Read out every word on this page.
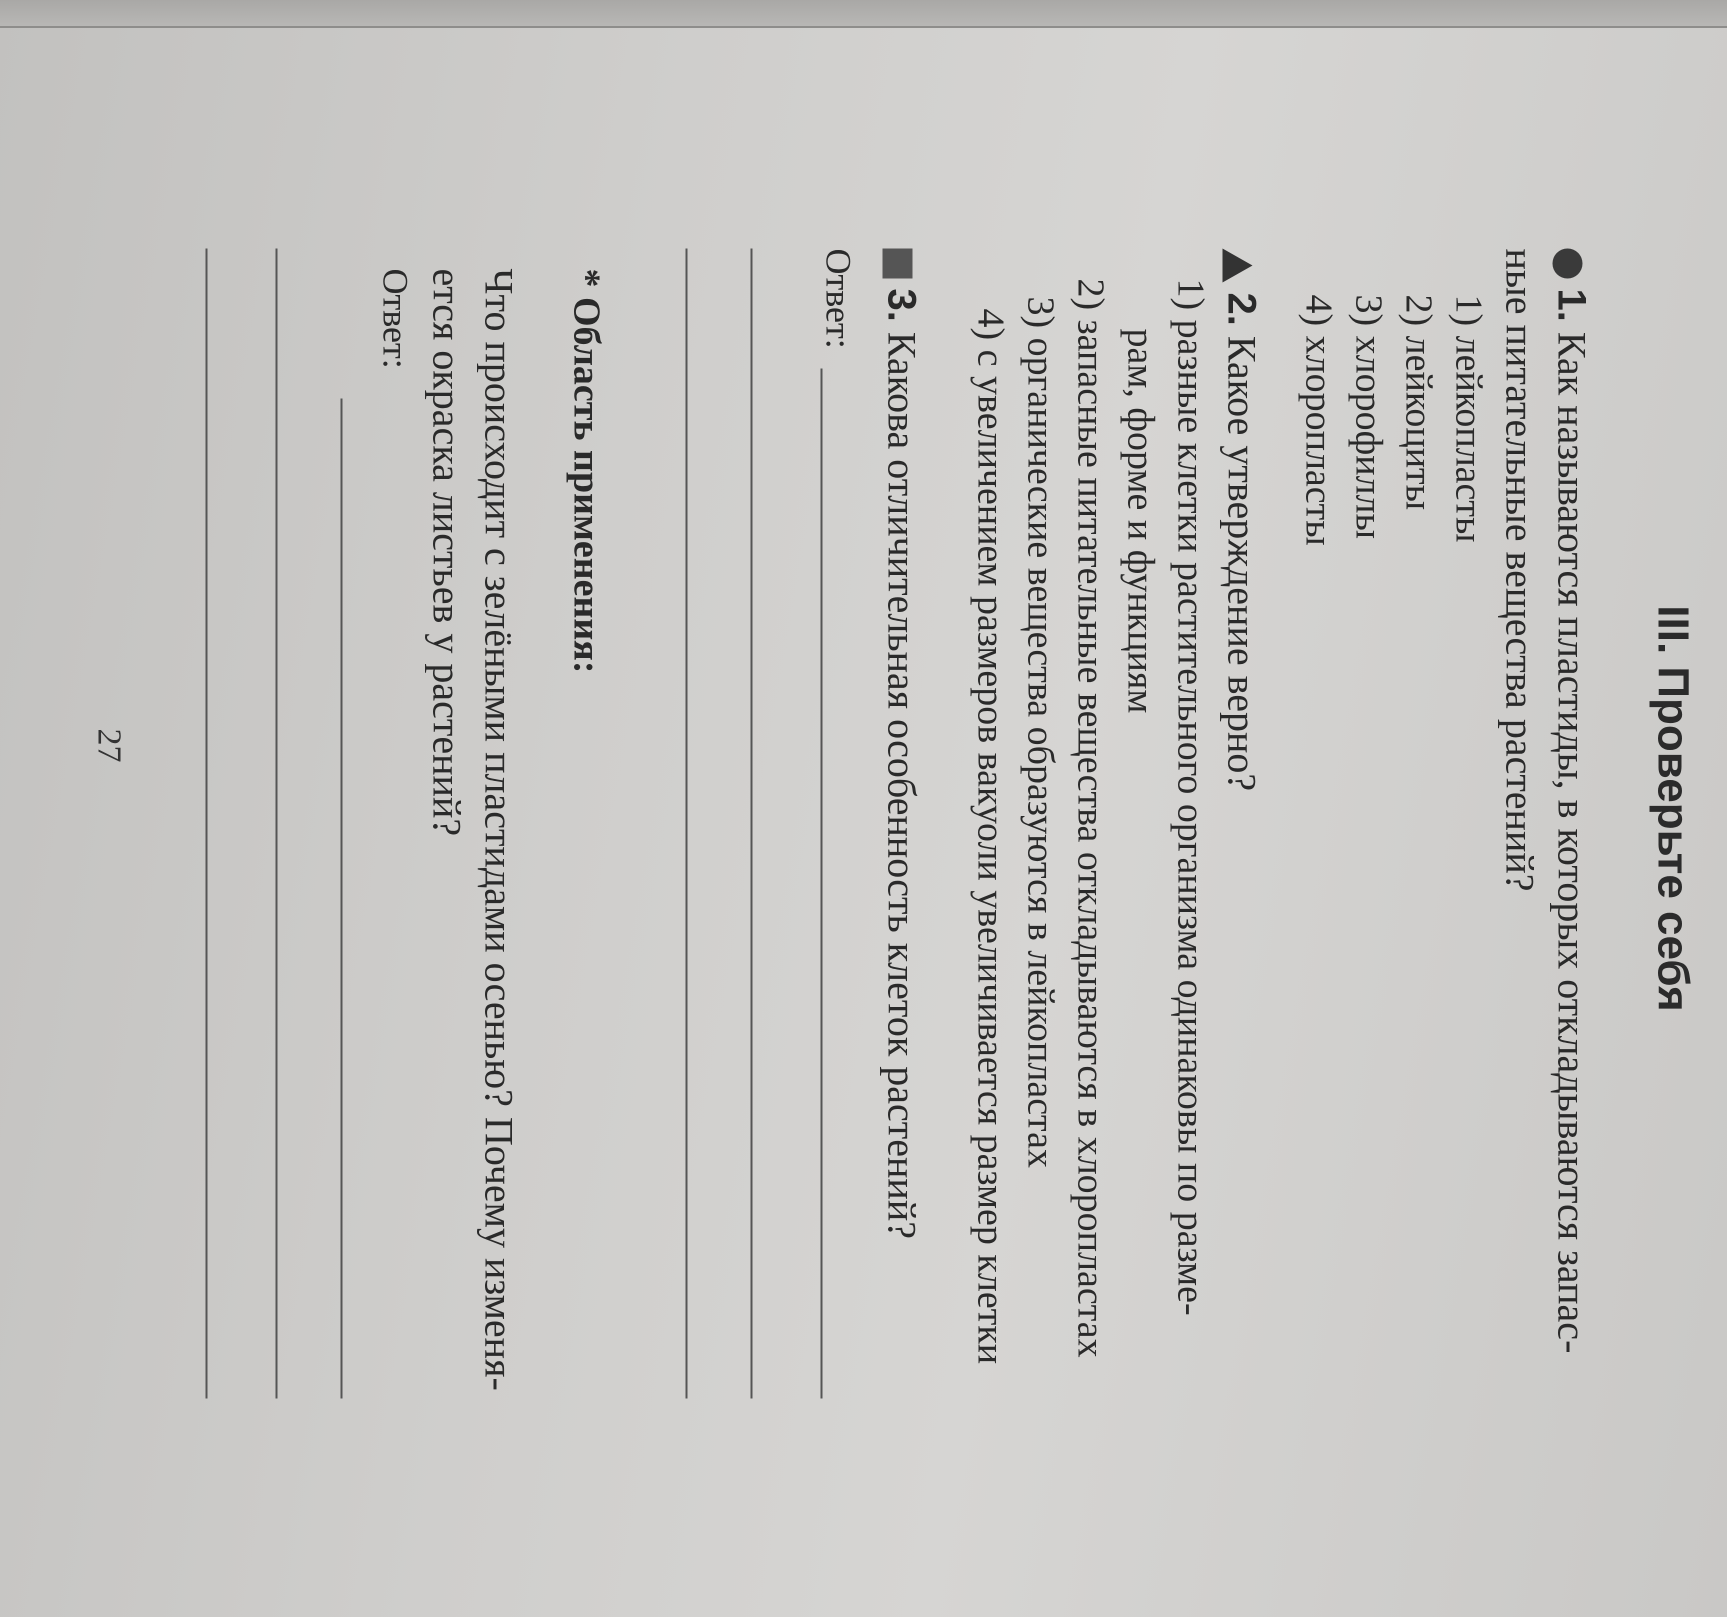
III. Проверьте себя
1. Как называются пластиды, в которых откладываются запас-
ные питательные вещества растений?
1) лейкопласты
2) лейкоциты
3) хлорофиллы
4) хлоропласты
2. Какое утверждение верно?
1) разные клетки растительного организма одинаковы по разме-
рам, форме и функциям
2) запасные питательные вещества откладываются в хлоропластах
3) органические вещества образуются в лейкопластах
4) с увеличением размеров вакуоли увеличивается размер клетки
3. Какова отличительная особенность клеток растений?
Ответ:
* Область применения:
Что происходит с зелёными пластидами осенью? Почему изменя-
ется окраска листьев у растений?
Ответ:
27
